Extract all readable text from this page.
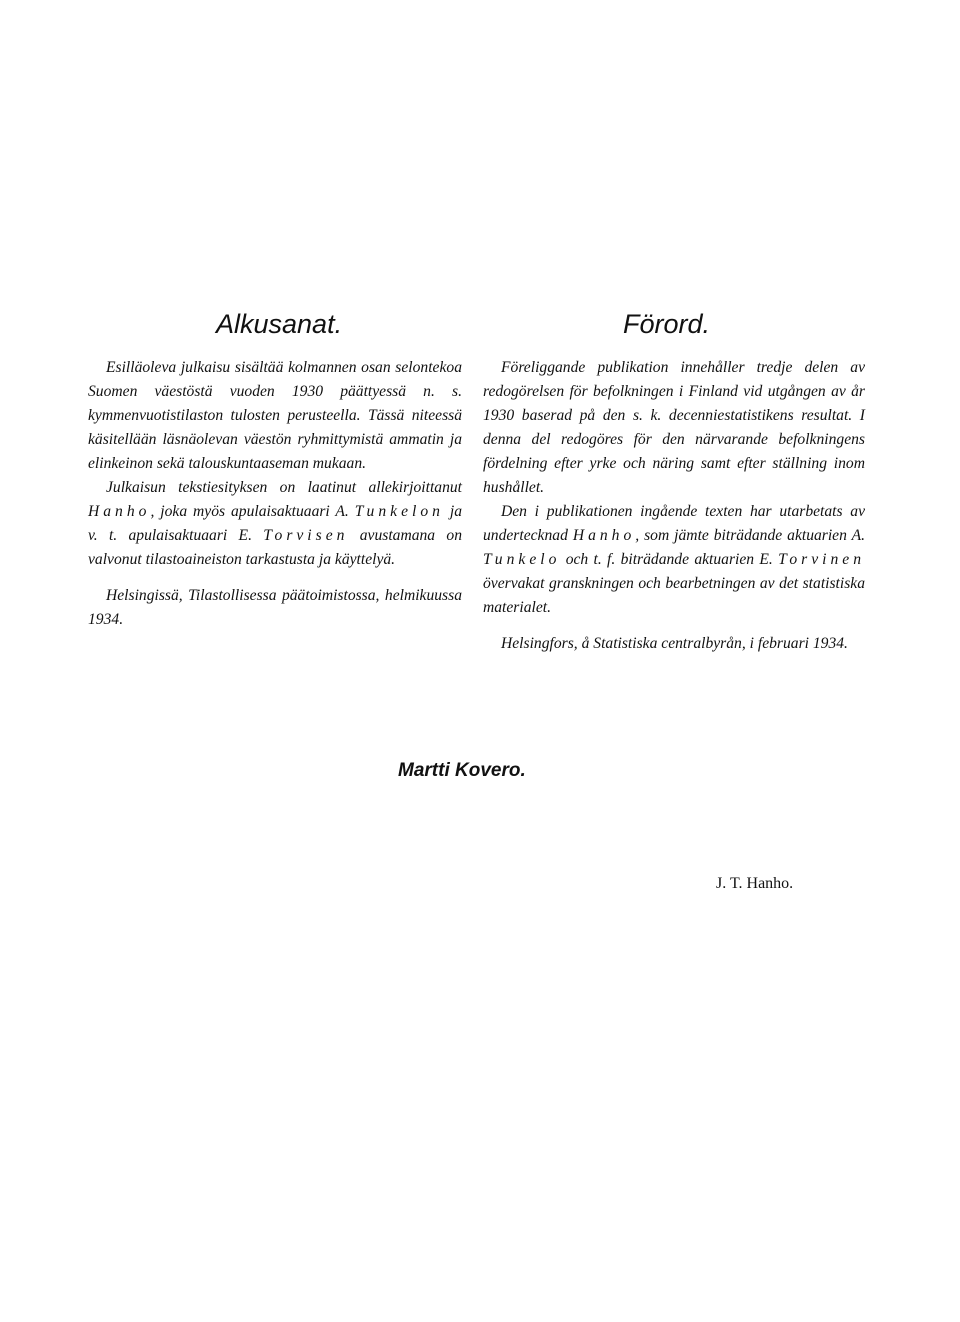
Alkusanat.

Esilläoleva julkaisu sisältää kolmannen osan selontekoa Suomen väestöstä vuoden 1930 päättyessä n. s. kymmenvuotistilaston tulosten perusteella. Tässä niteessä käsitellään läsnäolevan väestön ryhmittymistä ammatin ja elinkeinon sekä talouskuntaaseman mukaan.

Julkaisun tekstiesityksen on laatinut allekirjoittanut Hanho, joka myös apulaisaktuaari A. Tunkelon ja v. t. apulaisaktuaari E. Torvisen avustamana on valvonut tilastoaineiston tarkastusta ja käyttelyä.

Helsingissä, Tilastollisessa päätoimistossa, helmikuussa 1934.

Förord.

Föreliggande publikation innehåller tredje delen av redogörelsen för befolkningen i Finland vid utgången av år 1930 baserad på den s. k. decenniestatistikens resultat. I denna del redogöres för den närvarande befolkningens fördelning efter yrke och näring samt efter ställning inom hushållet.

Den i publikationen ingående texten har utarbetats av undertecknad Hanho, som jämte biträdande aktuarien A. Tunkelo och t. f. biträdande aktuarien E. Torvinen övervakat granskningen och bearbetningen av det statistiska materialet.

Helsingfors, å Statistiska centralbyrån, i februari 1934.

Martti Kovero.
J. T. Hanho.
